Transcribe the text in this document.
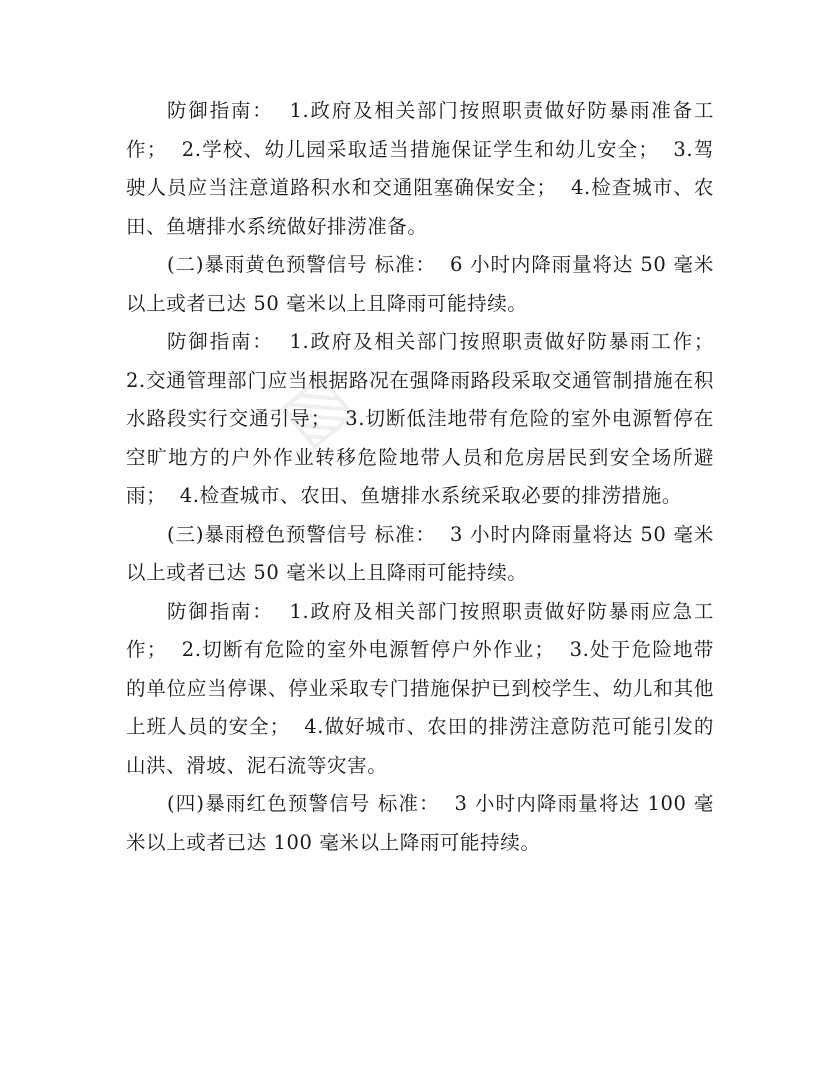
▧

防御指南：  1.政府及相关部门按照职责做好防暴雨准备工作；  2.学校、幼儿园采取适当措施保证学生和幼儿安全；  3.驾驶人员应当注意道路积水和交通阻塞确保安全；  4.检查城市、农田、鱼塘排水系统做好排涝准备。

(二)暴雨黄色预警信号 标准：  6 小时内降雨量将达 50 毫米以上或者已达 50 毫米以上且降雨可能持续。

防御指南：  1.政府及相关部门按照职责做好防暴雨工作；  2.交通管理部门应当根据路况在强降雨路段采取交通管制措施在积水路段实行交通引导；  3.切断低洼地带有危险的室外电源暂停在空旷地方的户外作业转移危险地带人员和危房居民到安全场所避雨；  4.检查城市、农田、鱼塘排水系统采取必要的排涝措施。

(三)暴雨橙色预警信号 标准：  3 小时内降雨量将达 50 毫米以上或者已达 50 毫米以上且降雨可能持续。

防御指南：  1.政府及相关部门按照职责做好防暴雨应急工作；  2.切断有危险的室外电源暂停户外作业；  3.处于危险地带的单位应当停课、停业采取专门措施保护已到校学生、幼儿和其他上班人员的安全；  4.做好城市、农田的排涝注意防范可能引发的山洪、滑坡、泥石流等灾害。

(四)暴雨红色预警信号 标准：  3 小时内降雨量将达 100 毫米以上或者已达 100 毫米以上降雨可能持续。
